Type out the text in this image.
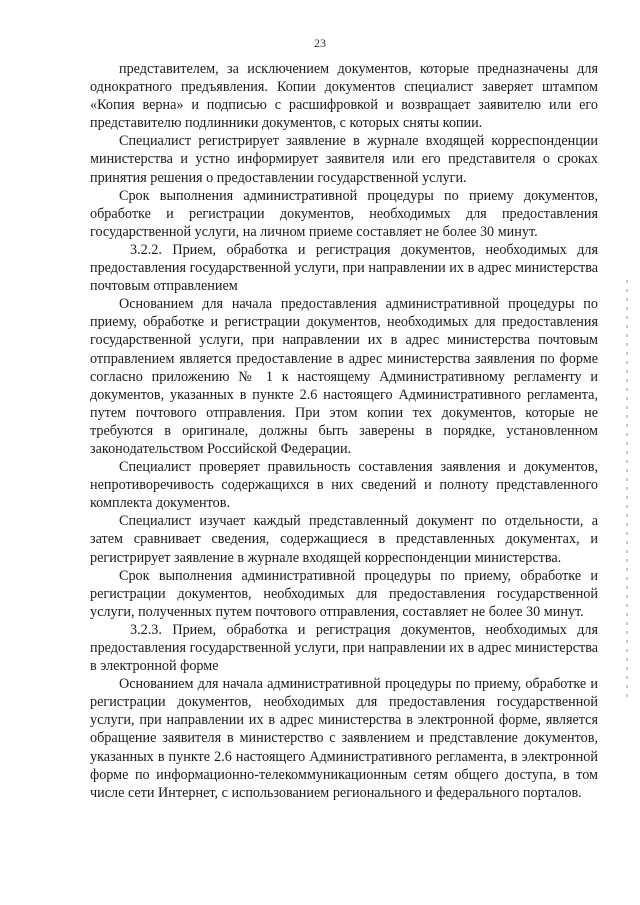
23

представителем, за исключением документов, которые предназначены для однократного предъявления. Копии документов специалист заверяет штампом «Копия верна» и подписью с расшифровкой и возвращает заявителю или его представителю подлинники документов, с которых сняты копии.

Специалист регистрирует заявление в журнале входящей корреспонденции министерства и устно информирует заявителя или его представителя о сроках принятия решения о предоставлении государственной услуги.

Срок выполнения административной процедуры по приему документов, обработке и регистрации документов, необходимых для предоставления государственной услуги, на личном приеме составляет не более 30 минут.

3.2.2. Прием, обработка и регистрация документов, необходимых для предоставления государственной услуги, при направлении их в адрес министерства почтовым отправлением

Основанием для начала предоставления административной процедуры по приему, обработке и регистрации документов, необходимых для предоставления государственной услуги, при направлении их в адрес министерства почтовым отправлением является предоставление в адрес министерства заявления по форме согласно приложению № 1 к настоящему Административному регламенту и документов, указанных в пункте 2.6 настоящего Административного регламента, путем почтового отправления. При этом копии тех документов, которые не требуются в оригинале, должны быть заверены в порядке, установленном законодательством Российской Федерации.

Специалист проверяет правильность составления заявления и документов, непротиворечивость содержащихся в них сведений и полноту представленного комплекта документов.

Специалист изучает каждый представленный документ по отдельности, а затем сравнивает сведения, содержащиеся в представленных документах, и регистрирует заявление в журнале входящей корреспонденции министерства.

Срок выполнения административной процедуры по приему, обработке и регистрации документов, необходимых для предоставления государственной услуги, полученных путем почтового отправления, составляет не более 30 минут.

3.2.3. Прием, обработка и регистрация документов, необходимых для предоставления государственной услуги, при направлении их в адрес министерства в электронной форме

Основанием для начала административной процедуры по приему, обработке и регистрации документов, необходимых для предоставления государственной услуги, при направлении их в адрес министерства в электронной форме, является обращение заявителя в министерство с заявлением и представление документов, указанных в пункте 2.6 настоящего Административного регламента, в электронной форме по информационно-телекоммуникационным сетям общего доступа, в том числе сети Интернет, с использованием регионального и федерального порталов.
